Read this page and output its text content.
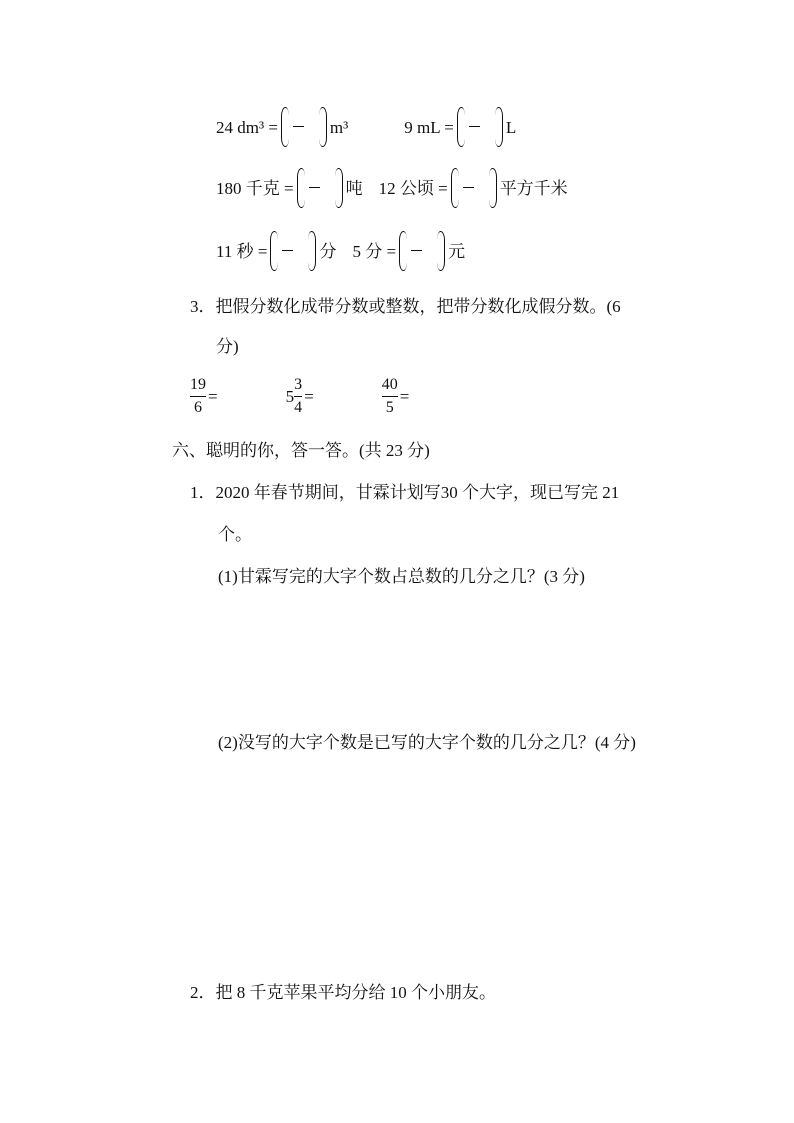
24 dm³ =	m³	9 mL =	L
180 千克 =	吨 12 公顷 =	平方千米
11 秒 =	分 5 分 =	元
3．把假分数化成带分数或整数，把带分数化成假分数。(6
分)
$\frac{19}{6}$ =	$5 \frac{3}{4}$ =	$\frac{40}{5}$ =
六、聪明的你，答一答。(共 23 分)
1．2020 年春节期间，甘霖计划写30 个大字，现已写完 21
个。
(1)甘霖写完的大字个数占总数的几分之几？(3 分)
(2)没写的大字个数是已写的大字个数的几分之几？(4 分)
2．把 8 千克苹果平均分给 10 个小朋友。
